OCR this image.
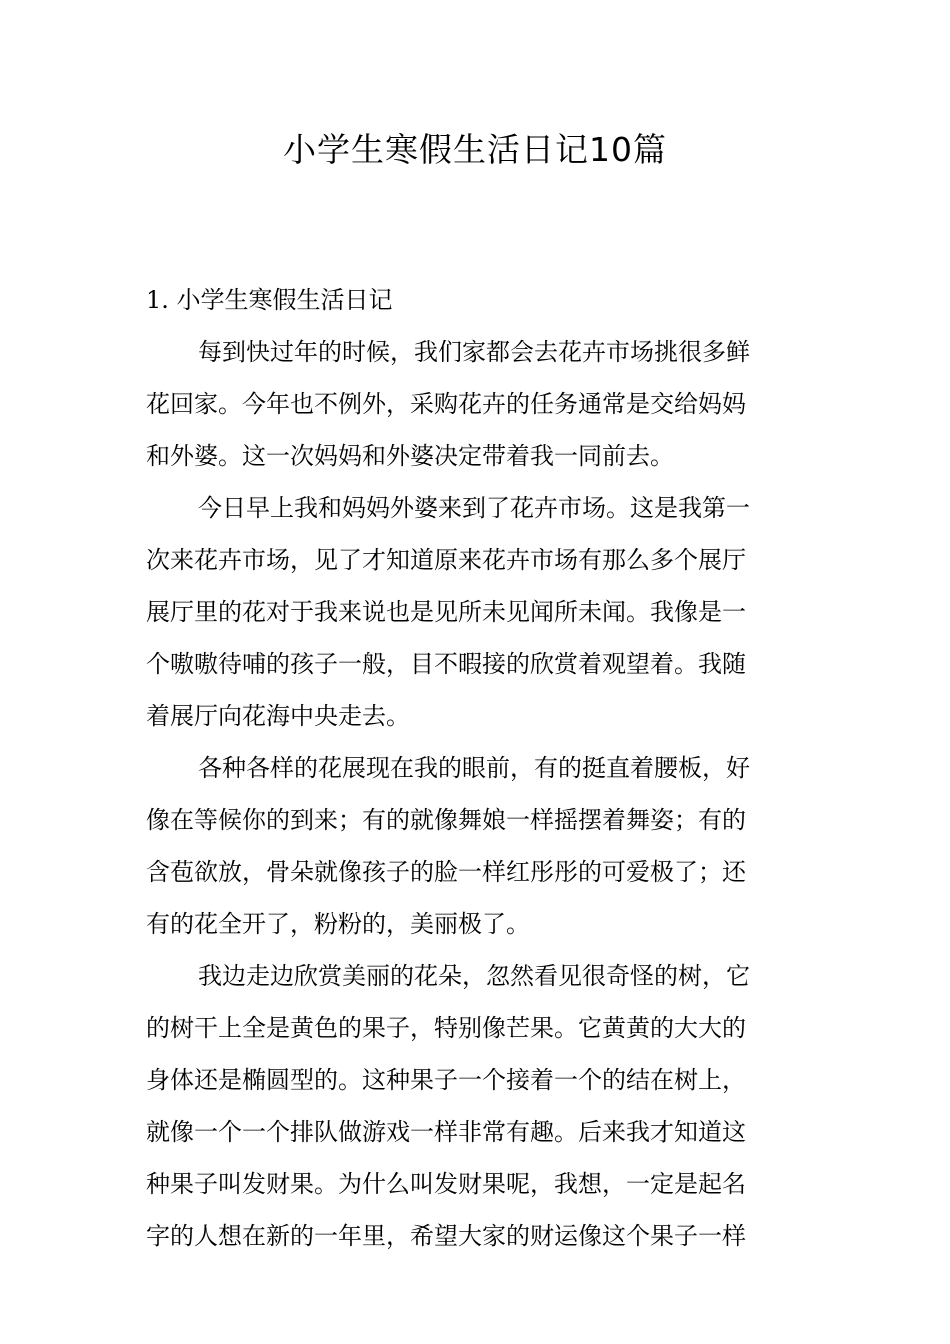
小学生寒假生活日记10篇
1. 小学生寒假生活日记
每到快过年的时候，我们家都会去花卉市场挑很多鲜
花回家。今年也不例外，采购花卉的任务通常是交给妈妈
和外婆。这一次妈妈和外婆决定带着我一同前去。
今日早上我和妈妈外婆来到了花卉市场。这是我第一
次来花卉市场，见了才知道原来花卉市场有那么多个展厅
展厅里的花对于我来说也是见所未见闻所未闻。我像是一
个嗷嗷待哺的孩子一般，目不暇接的欣赏着观望着。我随
着展厅向花海中央走去。
各种各样的花展现在我的眼前，有的挺直着腰板，好
像在等候你的到来；有的就像舞娘一样摇摆着舞姿；有的
含苞欲放，骨朵就像孩子的脸一样红彤彤的可爱极了；还
有的花全开了，粉粉的，美丽极了。
我边走边欣赏美丽的花朵，忽然看见很奇怪的树，它
的树干上全是黄色的果子，特别像芒果。它黄黄的大大的
身体还是椭圆型的。这种果子一个接着一个的结在树上，
就像一个一个排队做游戏一样非常有趣。后来我才知道这
种果子叫发财果。为什么叫发财果呢，我想，一定是起名
字的人想在新的一年里，希望大家的财运像这个果子一样
